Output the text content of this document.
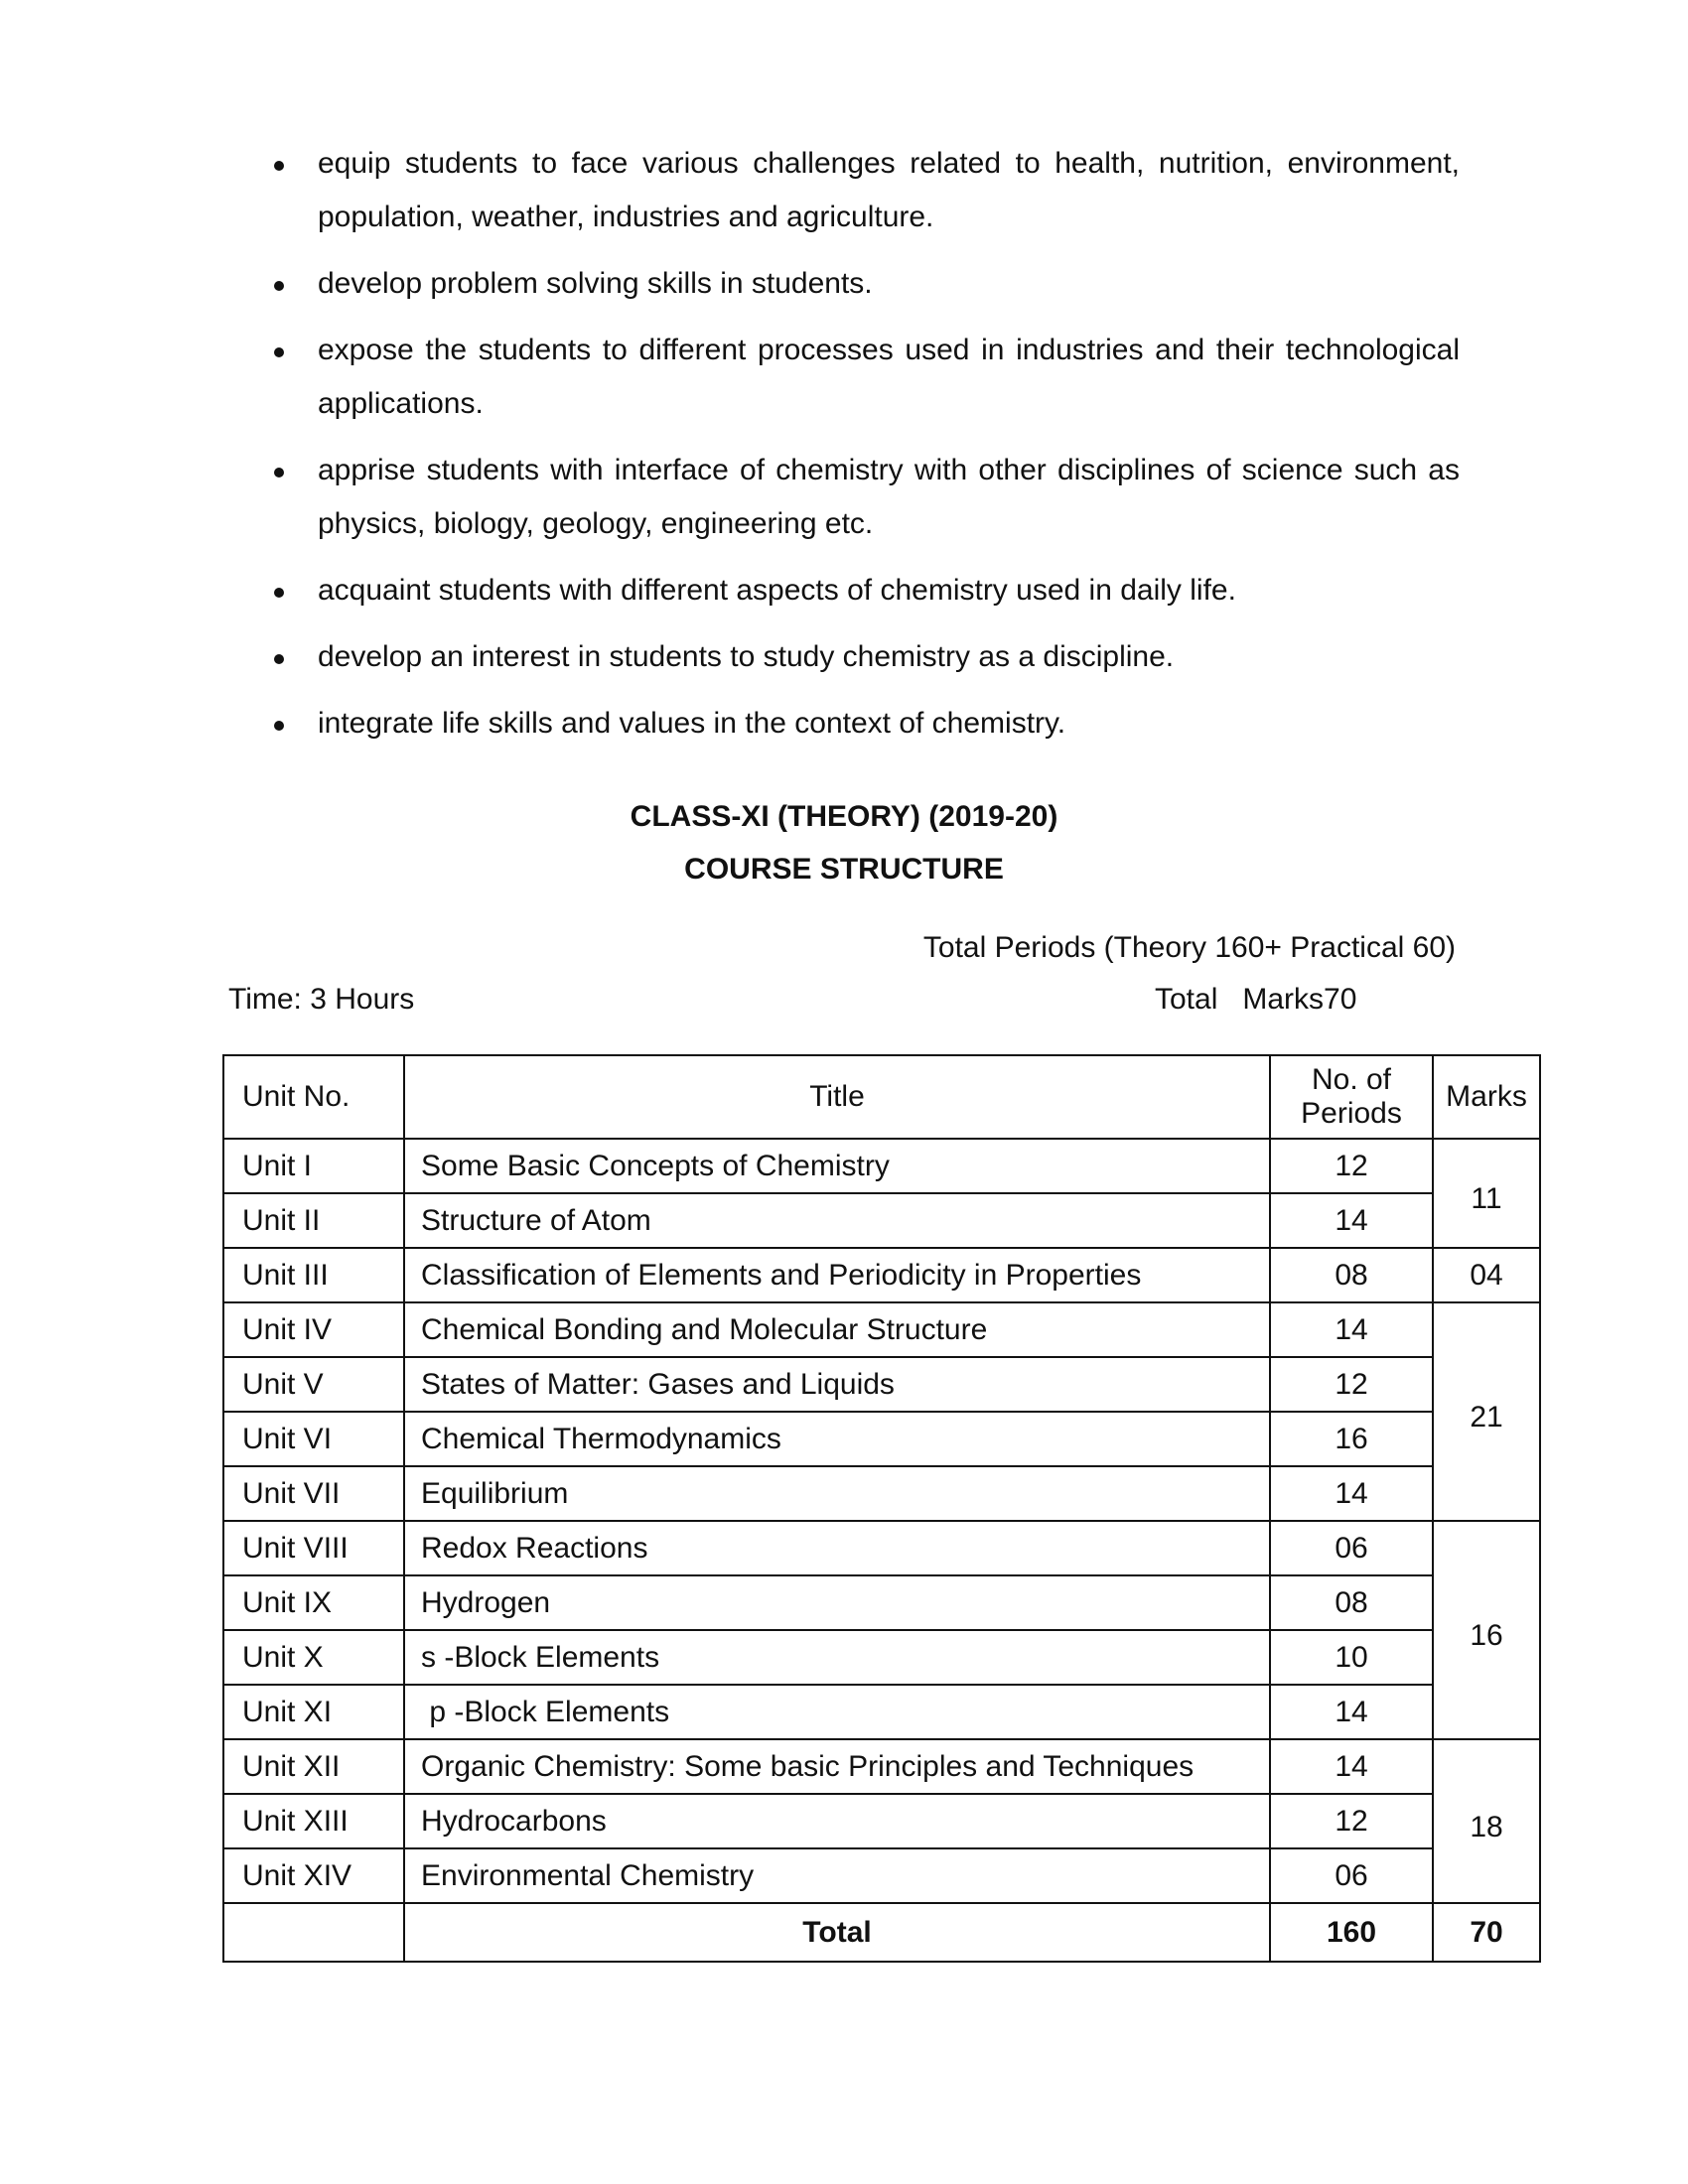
equip students to face various challenges related to health, nutrition, environment, population, weather, industries and agriculture.
develop problem solving skills in students.
expose the students to different processes used in industries and their technological applications.
apprise students with interface of chemistry with other disciplines of science such as physics, biology, geology, engineering etc.
acquaint students with different aspects of chemistry used in daily life.
develop an interest in students to study chemistry as a discipline.
integrate life skills and values in the context of chemistry.
CLASS-XI (THEORY) (2019-20)
COURSE STRUCTURE
Total Periods (Theory 160+ Practical 60)
Time: 3 Hours	Total   Marks70
Unit No.	Title	No. of Periods	Marks
Unit I	Some Basic Concepts of Chemistry	12	11
Unit II	Structure of Atom	14	
Unit III	Classification of Elements and Periodicity in Properties	08	04
Unit IV	Chemical Bonding and Molecular Structure	14	21
Unit V	States of Matter: Gases and Liquids	12	
Unit VI	Chemical Thermodynamics	16	
Unit VII	Equilibrium	14	
Unit VIII	Redox Reactions	06	16
Unit IX	Hydrogen	08	
Unit X	s -Block Elements	10	
Unit XI	p -Block Elements	14	
Unit XII	Organic Chemistry: Some basic Principles and Techniques	14	18
Unit XIII	Hydrocarbons	12	
Unit XIV	Environmental Chemistry	06	
	Total	160	70
